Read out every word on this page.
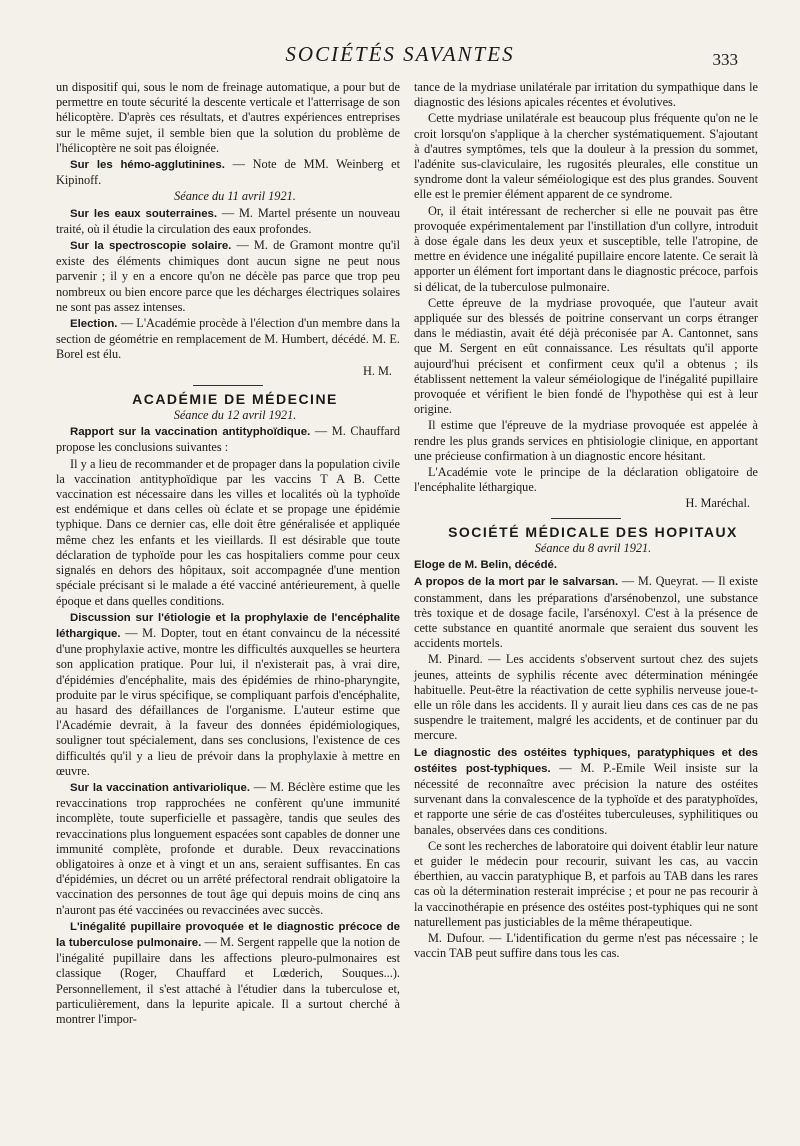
SOCIÉTÉS SAVANTES	333

un dispositif qui, sous le nom de freinage automatique, a pour but de permettre en toute sécurité la descente verticale et l'atterrisage de son hélicoptère. D'après ces résultats, et d'autres expériences entreprises sur le même sujet, il semble bien que la solution du problème de l'hélicoptère ne soit pas éloignée.

Sur les hémo-agglutinines. — Note de MM. Weinberg et Kipinoff.

Séance du 11 avril 1921.

Sur les eaux souterraines. — M. Martel présente un nouveau traité, où il étudie la circulation des eaux profondes.

Sur la spectroscopie solaire. — M. de Gramont montre qu'il existe des éléments chimiques dont aucun signe ne peut nous parvenir ; il y en a encore qu'on ne décèle pas parce que trop peu nombreux ou bien encore parce que les décharges électriques solaires ne sont pas assez intenses.

Election. — L'Académie procède à l'élection d'un membre dans la section de géométrie en remplacement de M. Humbert, décédé. M. E. Borel est élu.

H. M.

ACADÉMIE DE MÉDECINE

Séance du 12 avril 1921.

Rapport sur la vaccination antityphoïdique. — M. Chauffard propose les conclusions suivantes :

Il y a lieu de recommander et de propager dans la population civile la vaccination antityphoïdique par les vaccins T A B. Cette vaccination est nécessaire dans les villes et localités où la typhoïde est endémique et dans celles où éclate et se propage une épidémie typhique. Dans ce dernier cas, elle doit être généralisée et appliquée même chez les enfants et les vieillards. Il est désirable que toute déclaration de typhoïde pour les cas hospitaliers comme pour ceux signalés en dehors des hôpitaux, soit accompagnée d'une mention spéciale précisant si le malade a été vacciné antérieurement, à quelle époque et dans quelles conditions.

Discussion sur l'étiologie et la prophylaxie de l'encéphalite léthargique. — M. Dopter, tout en étant convaincu de la nécessité d'une prophylaxie active, montre les difficultés auxquelles se heurtera son application pratique. Pour lui, il n'existerait pas, à vrai dire, d'épidémies d'encéphalite, mais des épidémies de rhino-pharyngite, produite par le virus spécifique, se compliquant parfois d'encéphalite, au hasard des défaillances de l'organisme. L'auteur estime que l'Académie devrait, à la faveur des données épidémiologiques, souligner tout spécialement, dans ses conclusions, l'existence de ces difficultés qu'il y a lieu de prévoir dans la prophylaxie à mettre en œuvre.

Sur la vaccination antivariolique. — M. Béclère estime que les revaccinations trop rapprochées ne confèrent qu'une immunité incomplète, toute superficielle et passagère, tandis que seules des revaccinations plus longuement espacées sont capables de donner une immunité complète, profonde et durable. Deux revaccinations obligatoires à onze et à vingt et un ans, seraient suffisantes. En cas d'épidémies, un décret ou un arrêté préfectoral rendrait obligatoire la vaccination des personnes de tout âge qui depuis moins de cinq ans n'auront pas été vaccinées ou revaccinées avec succès.

L'inégalité pupillaire provoquée et le diagnostic précoce de la tuberculose pulmonaire. — M. Sergent rappelle que la notion de l'inégalité pupillaire dans les affections pleuro-pulmonaires est classique (Roger, Chauffard et Lœderich, Souques...). Personnellement, il s'est attaché à l'étudier dans la tuberculose et, particulièrement, dans la lepurite apicale. Il a surtout cherché à montrer l'impor-

tance de la mydriase unilatérale par irritation du sympathique dans le diagnostic des lésions apicales récentes et évolutives.

Cette mydriase unilatérale est beaucoup plus fréquente qu'on ne le croit lorsqu'on s'applique à la chercher systématiquement. S'ajoutant à d'autres symptômes, tels que la douleur à la pression du sommet, l'adénite sus-claviculaire, les rugosités pleurales, elle constitue un syndrome dont la valeur séméiologique est des plus grandes. Souvent elle est le premier élément apparent de ce syndrome.

Or, il était intéressant de rechercher si elle ne pouvait pas être provoquée expérimentalement par l'instillation d'un collyre, introduit à dose égale dans les deux yeux et susceptible, telle l'atropine, de mettre en évidence une inégalité pupillaire encore latente. Ce serait là apporter un élément fort important dans le diagnostic précoce, parfois si délicat, de la tuberculose pulmonaire.

Cette épreuve de la mydriase provoquée, que l'auteur avait appliquée sur des blessés de poitrine conservant un corps étranger dans le médiastin, avait été déjà préconisée par A. Cantonnet, sans que M. Sergent en eût connaissance. Les résultats qu'il apporte aujourd'hui précisent et confirment ceux qu'il a obtenus ; ils établissent nettement la valeur séméiologique de l'inégalité pupillaire provoquée et vérifient le bien fondé de l'hypothèse qui est à leur origine.

Il estime que l'épreuve de la mydriase provoquée est appelée à rendre les plus grands services en phtisiologie clinique, en apportant une précieuse confirmation à un diagnostic encore hésitant.

L'Académie vote le principe de la déclaration obligatoire de l'encéphalite léthargique.

H. Maréchal.

SOCIÉTÉ MÉDICALE DES HOPITAUX

Séance du 8 avril 1921.

Eloge de M. Belin, décédé.

A propos de la mort par le salvarsan. — M. Queyrat. — Il existe constamment, dans les préparations d'arsénobenzol, une substance très toxique et de dosage facile, l'arsénoxyl. C'est à la présence de cette substance en quantité anormale que seraient dus souvent les accidents mortels.

M. Pinard. — Les accidents s'observent surtout chez des sujets jeunes, atteints de syphilis récente avec détermination méningée habituelle. Peut-être la réactivation de cette syphilis nerveuse joue-t-elle un rôle dans les accidents. Il y aurait lieu dans ces cas de ne pas suspendre le traitement, malgré les accidents, et de continuer par du mercure.

Le diagnostic des ostéites typhiques, paratyphiques et des ostéites post-typhiques. — M. P.-Emile Weil insiste sur la nécessité de reconnaître avec précision la nature des ostéites survenant dans la convalescence de la typhoïde et des paratyphoïdes, et rapporte une série de cas d'ostéites tuberculeuses, syphilitiques ou banales, observées dans ces conditions.

Ce sont les recherches de laboratoire qui doivent établir leur nature et guider le médecin pour recourir, suivant les cas, au vaccin éberthien, au vaccin paratyphique B, et parfois au TAB dans les rares cas où la détermination resterait imprécise ; et pour ne pas recourir à la vaccinothérapie en présence des ostéites post-typhiques qui ne sont naturellement pas justiciables de la même thérapeutique.

M. Dufour. — L'identification du germe n'est pas nécessaire ; le vaccin TAB peut suffire dans tous les cas.
